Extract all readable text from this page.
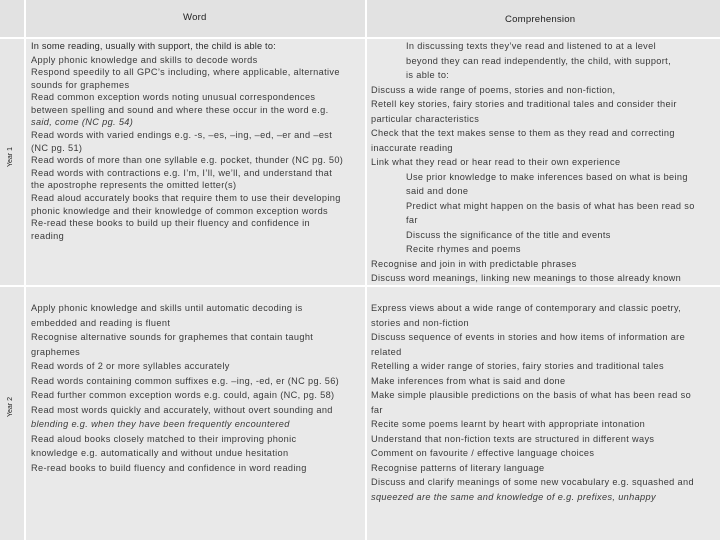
Word	Comprehension
Year 1
In some reading, usually with support, the child is able to:
Apply phonic knowledge and skills to decode words
Respond speedily to all GPC’s including, where applicable, alternative
sounds for graphemes
Read common exception words noting unusual correspondences
between spelling and sound and where these occur in the word e.g.
said, come (NC pg. 54)
Read words with varied endings e.g. -s, –es, –ing, –ed, –er and –est
(NC pg. 51)
Read words of more than one syllable e.g. pocket, thunder (NC pg. 50)
Read words with contractions e.g. I’m, I’ll, we’ll, and understand that
the apostrophe represents the omitted letter(s)
Read aloud accurately books that require them to use their developing
phonic knowledge and their knowledge of common exception words
Re-read these books to build up their fluency and confidence in
reading
In discussing texts they’ve read and listened to at a level
beyond they can read independently, the child, with support,
is able to:
Discuss a wide range of poems, stories and non-fiction,
Retell key stories, fairy stories and traditional tales and consider their
particular characteristics
Check that the text makes sense to them as they read and correcting
inaccurate reading
Link what they read or hear read to their own experience
Use prior knowledge to make inferences based on what is being
said and done
Predict what might happen on the basis of what has been read so
far
Discuss the significance of the title and events
Recite rhymes and poems
Recognise and join in with predictable phrases
Discuss word meanings, linking new meanings to those already known
Year 2
Apply phonic knowledge and skills until automatic decoding is
embedded and reading is fluent
Recognise alternative sounds for graphemes that contain taught
graphemes
Read words of 2 or more syllables accurately
Read words containing common suffixes e.g. –ing, -ed, er (NC pg. 56)
Read further common exception words e.g. could, again (NC, pg. 58)
Read most words quickly and accurately, without overt sounding and
blending e.g. when they have been frequently encountered
Read aloud books closely matched to their improving phonic
knowledge e.g. automatically and without undue hesitation
Re-read books to build fluency and confidence in word reading
Express views about a wide range of contemporary and classic poetry,
stories and non-fiction
Discuss sequence of events in stories and how items of information are
related
Retelling a wider range of stories, fairy stories and traditional tales
Make inferences from what is said and done
Make simple plausible predictions on the basis of what has been read so
far
Recite some poems learnt by heart with appropriate intonation
Understand that non-fiction texts are structured in different ways
Comment on favourite / effective language choices
Recognise patterns of literary language
Discuss and clarify meanings of some new vocabulary e.g. squashed and
squeezed are the same and knowledge of e.g. prefixes, unhappy
